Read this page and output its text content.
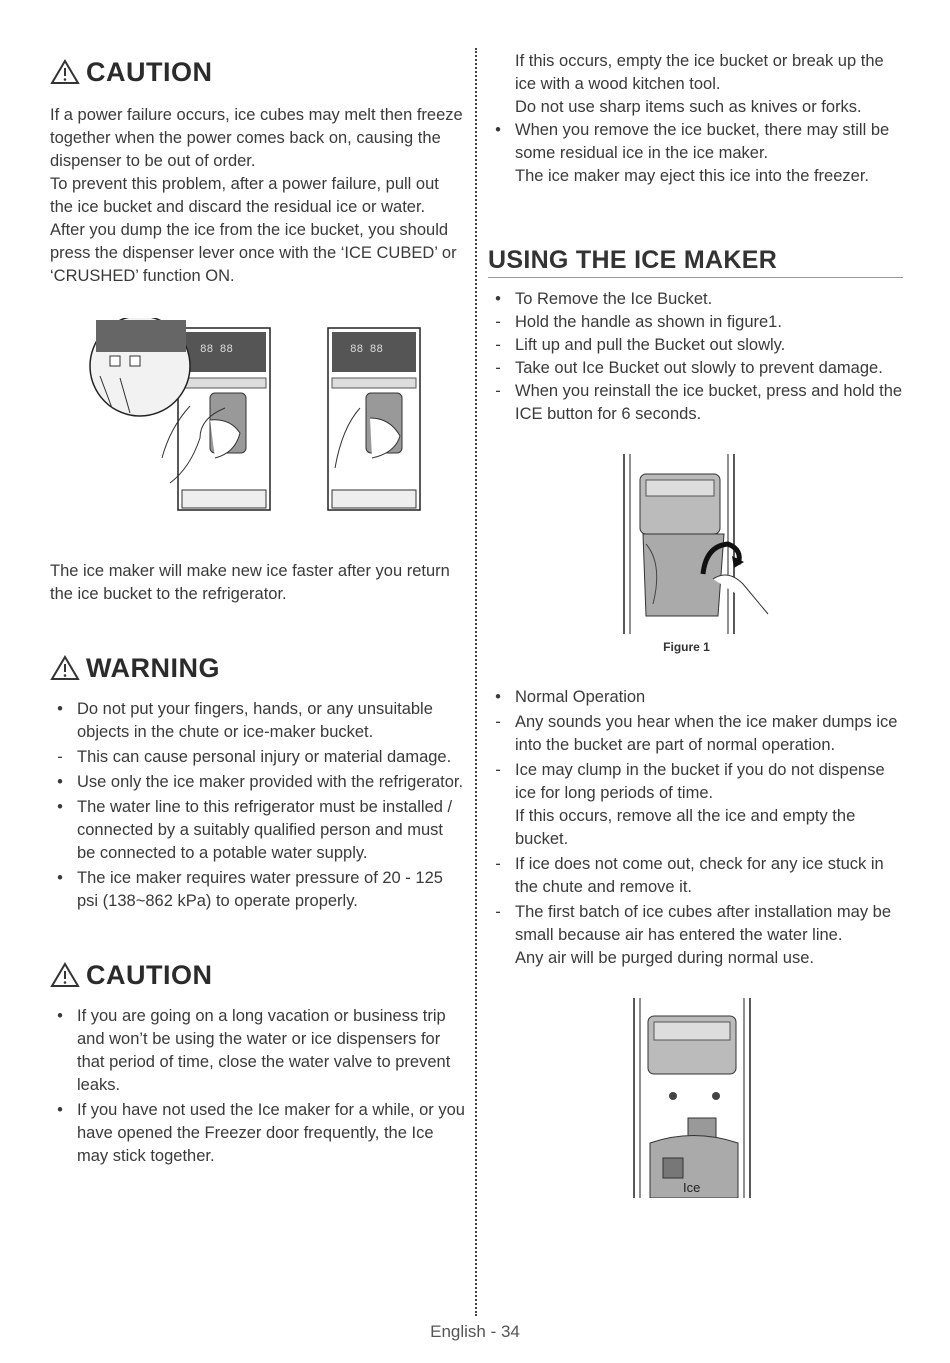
CAUTION

If a power failure occurs, ice cubes may melt then freeze together when the power comes back on, causing the dispenser to be out of order.

To prevent this problem, after a power failure, pull out the ice bucket and discard the residual ice or water.

After you dump the ice from the ice bucket, you should press the dispenser lever once with the ‘ICE CUBED’ or ‘CRUSHED’ function ON.

88 88	88 88

The ice maker will make new ice faster after you return the ice bucket to the refrigerator.

WARNING
• Do not put your fingers, hands, or any unsuitable objects in the chute or ice-maker bucket.
- This can cause personal injury or material damage.
• Use only the ice maker provided with the refrigerator.
• The water line to this refrigerator must be installed / connected by a suitably qualified person and must be connected to a potable water supply.
• The ice maker requires water pressure of 20 - 125 psi (138~862 kPa) to operate properly.
CAUTION
• If you are going on a long vacation or business trip and won’t be using the water or ice dispensers for that period of time, close the water valve to prevent leaks.
• If you have not used the Ice maker for a while, or you have opened the Freezer door frequently, the Ice may stick together.
If this occurs, empty the ice bucket or break up the ice with a wood kitchen tool.
Do not use sharp items such as knives or forks.
• When you remove the ice bucket, there may still be some residual ice in the ice maker.
The ice maker may eject this ice into the freezer.
USING THE ICE MAKER
• To Remove the Ice Bucket.
- Hold the handle as shown in figure1.
- Lift up and pull the Bucket out slowly.
- Take out Ice Bucket out slowly to prevent damage.
- When you reinstall the ice bucket, press and hold the ICE button for 6 seconds.
Figure 1
• Normal Operation
- Any sounds you hear when the ice maker dumps ice into the bucket are part of normal operation.
- Ice may clump in the bucket if you do not dispense ice for long periods of time.
If this occurs, remove all the ice and empty the bucket.
- If ice does not come out, check for any ice stuck in the chute and remove it.
- The first batch of ice cubes after installation may be small because air has entered the water line.
Any air will be purged during normal use.
Ice
English - 34
